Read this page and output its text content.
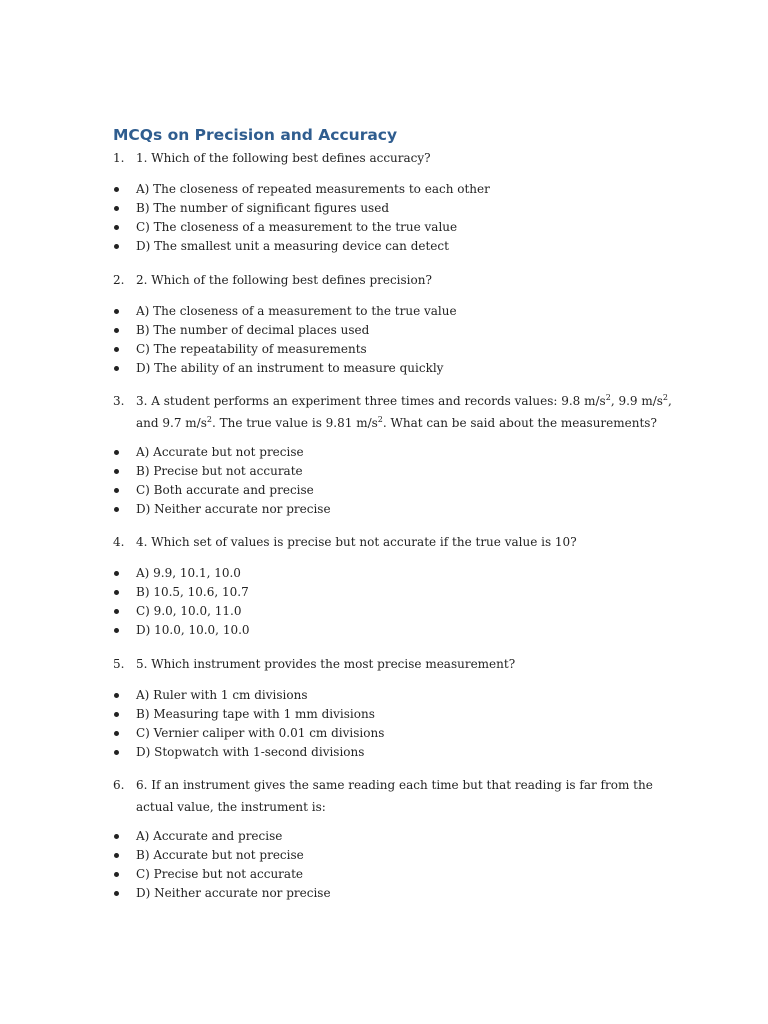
MCQs on Precision and Accuracy
1. 1. Which of the following best defines accuracy?
A) The closeness of repeated measurements to each other
B) The number of significant figures used
C) The closeness of a measurement to the true value
D) The smallest unit a measuring device can detect
2. 2. Which of the following best defines precision?
A) The closeness of a measurement to the true value
B) The number of decimal places used
C) The repeatability of measurements
D) The ability of an instrument to measure quickly
3. 3. A student performs an experiment three times and records values: 9.8 $m/s^2$, 9.9 $m/s^2$, and 9.7 $m/s^2$. The true value is 9.81 $m/s^2$. What can be said about the measurements?
A) Accurate but not precise
B) Precise but not accurate
C) Both accurate and precise
D) Neither accurate nor precise
4. 4. Which set of values is precise but not accurate if the true value is 10?
A) 9.9, 10.1, 10.0
B) 10.5, 10.6, 10.7
C) 9.0, 10.0, 11.0
D) 10.0, 10.0, 10.0
5. 5. Which instrument provides the most precise measurement?
A) Ruler with 1 cm divisions
B) Measuring tape with 1 mm divisions
C) Vernier caliper with 0.01 cm divisions
D) Stopwatch with 1-second divisions
6. 6. If an instrument gives the same reading each time but that reading is far from the actual value, the instrument is:
A) Accurate and precise
B) Accurate but not precise
C) Precise but not accurate
D) Neither accurate nor precise
